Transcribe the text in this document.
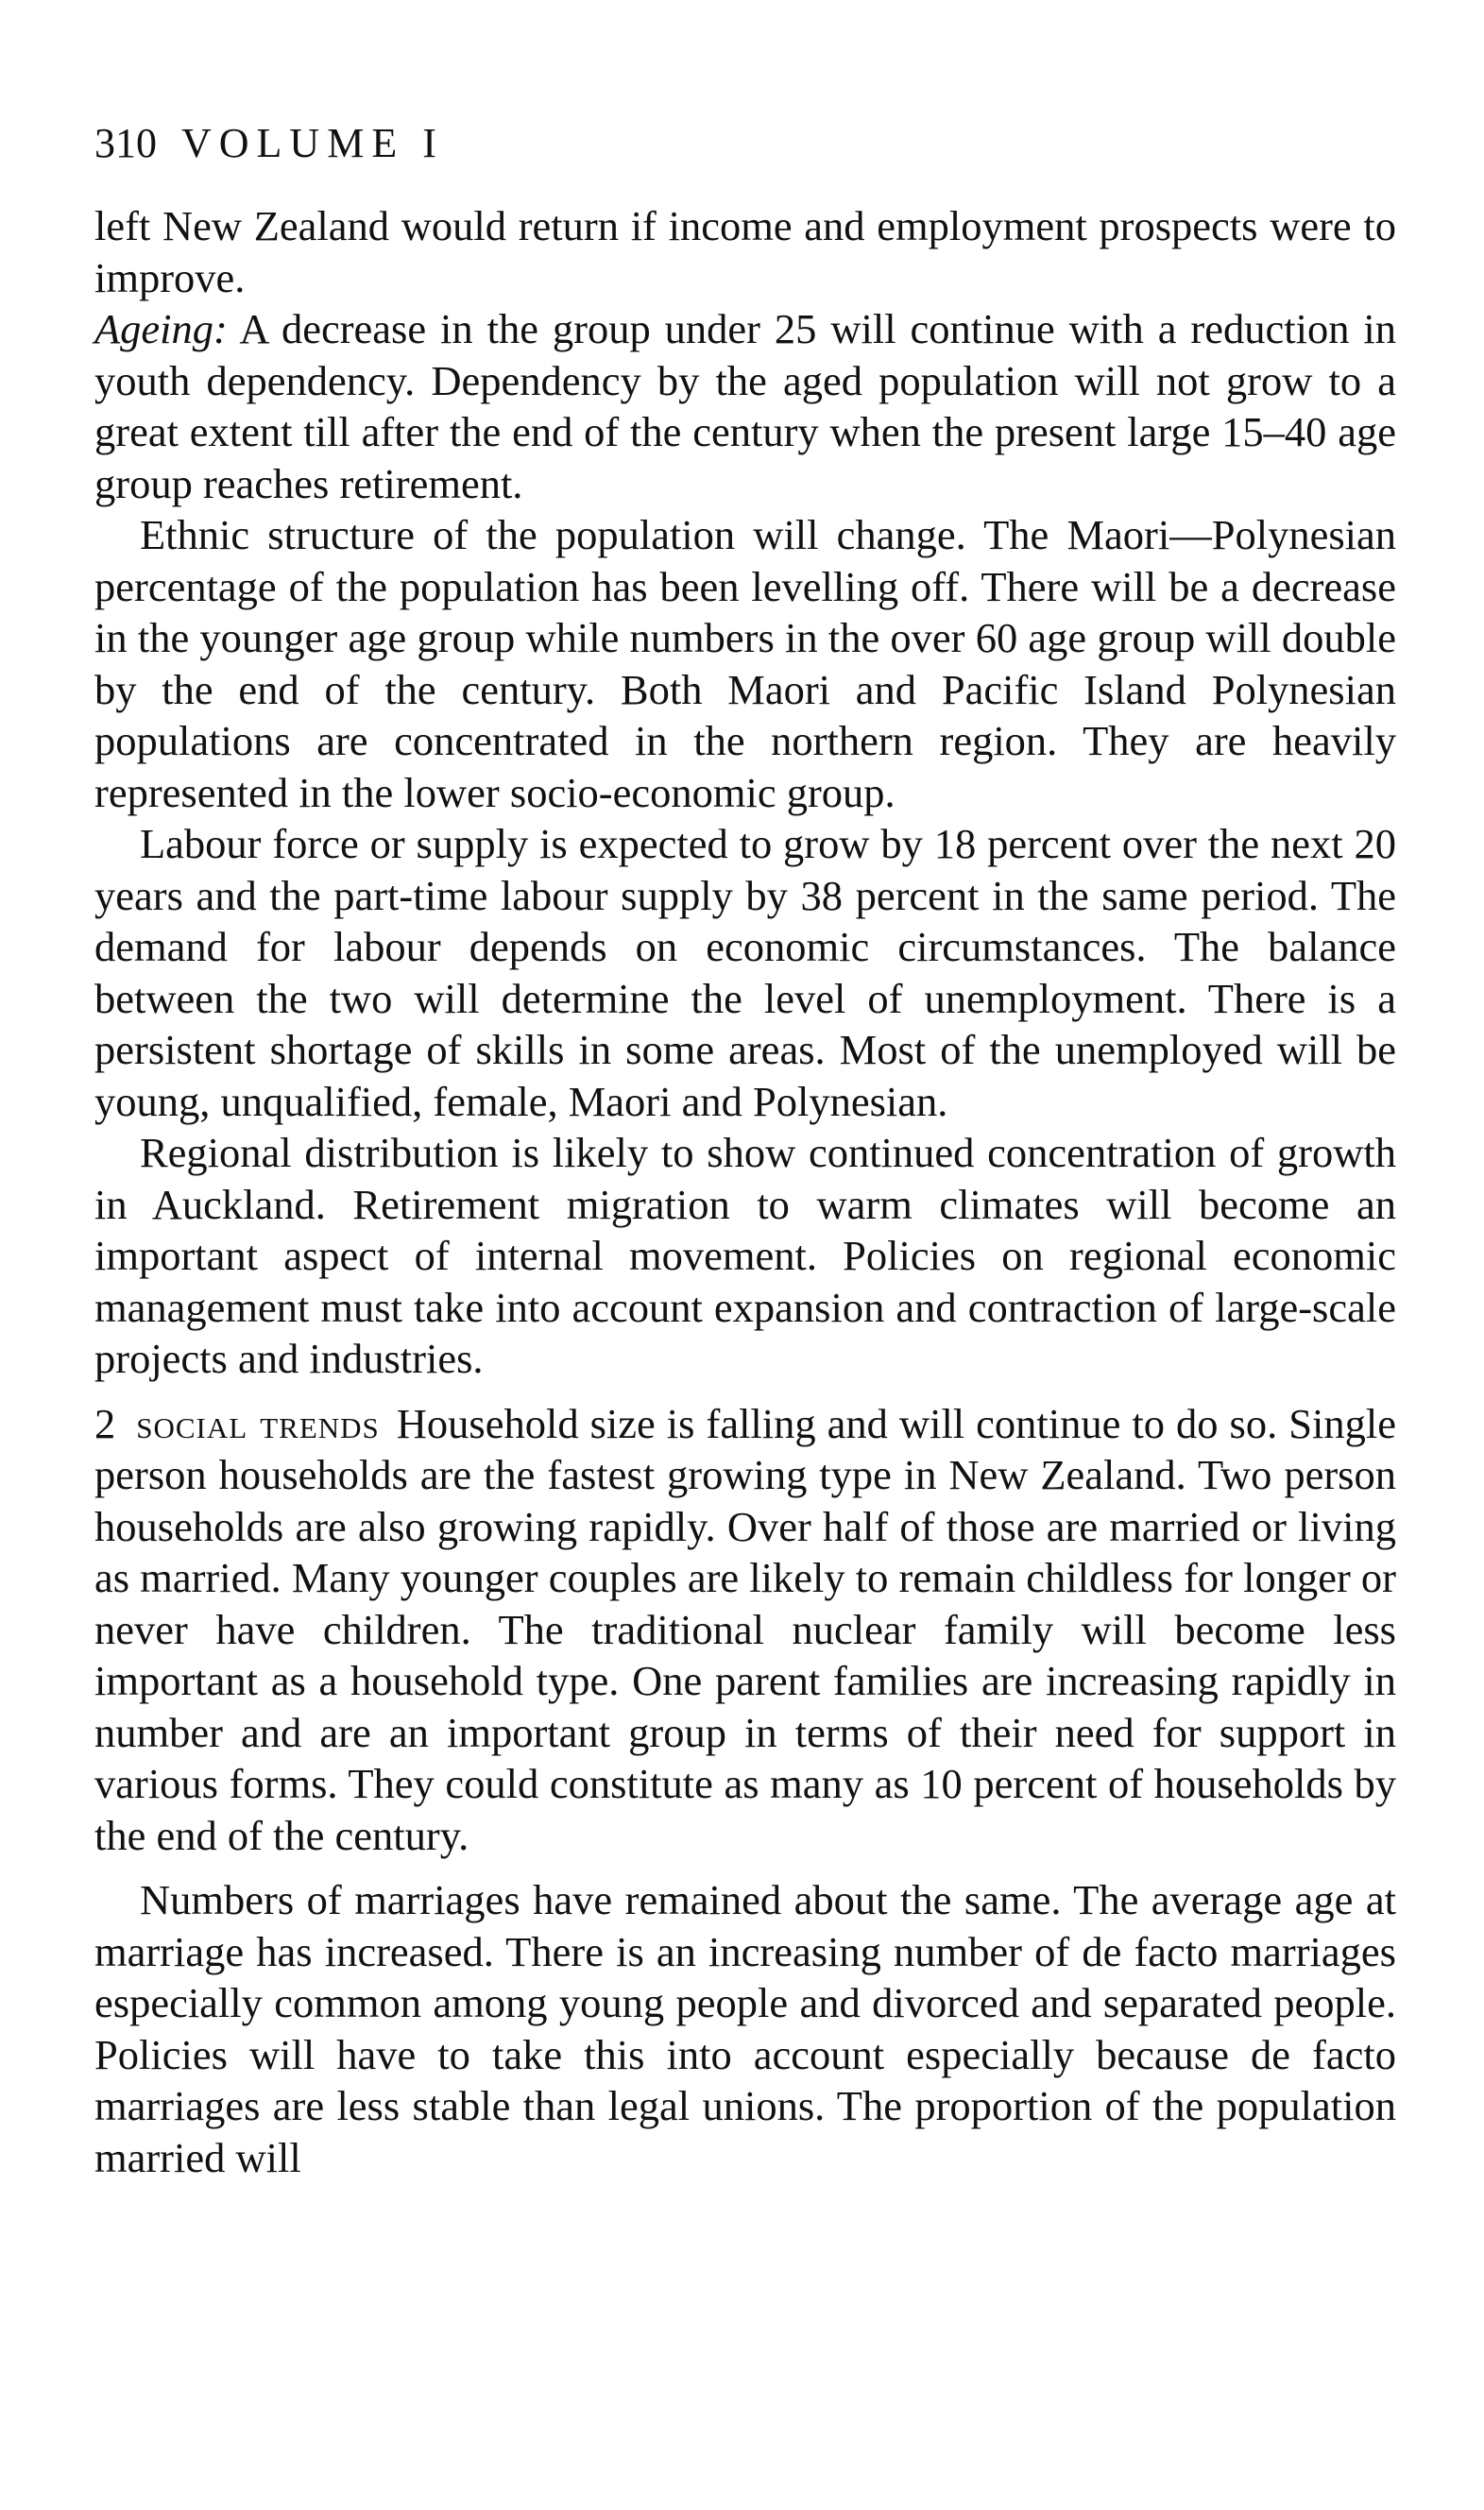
310 VOLUME I

left New Zealand would return if income and employment prospects were to improve.

Ageing: A decrease in the group under 25 will continue with a reduction in youth dependency. Dependency by the aged population will not grow to a great extent till after the end of the century when the present large 15–40 age group reaches retirement.

Ethnic structure of the population will change. The Maori—Polynesian percentage of the population has been levelling off. There will be a decrease in the younger age group while numbers in the over 60 age group will double by the end of the century. Both Maori and Pacific Island Polynesian populations are concentrated in the northern region. They are heavily represented in the lower socio-economic group.

Labour force or supply is expected to grow by 18 percent over the next 20 years and the part-time labour supply by 38 percent in the same period. The demand for labour depends on economic circumstances. The balance between the two will determine the level of unemployment. There is a persistent shortage of skills in some areas. Most of the unemployed will be young, unqualified, female, Maori and Polynesian.

Regional distribution is likely to show continued concentration of growth in Auckland. Retirement migration to warm climates will become an important aspect of internal movement. Policies on regional economic management must take into account expansion and contraction of large-scale projects and industries.

2 social trends Household size is falling and will continue to do so. Single person households are the fastest growing type in New Zealand. Two person households are also growing rapidly. Over half of those are married or living as married. Many younger couples are likely to remain childless for longer or never have children. The traditional nuclear family will become less important as a household type. One parent families are increasing rapidly in number and are an important group in terms of their need for support in various forms. They could constitute as many as 10 percent of households by the end of the century.

Numbers of marriages have remained about the same. The average age at marriage has increased. There is an increasing number of de facto marriages especially common among young people and divorced and separated people. Policies will have to take this into account especially because de facto marriages are less stable than legal unions. The proportion of the population married will
